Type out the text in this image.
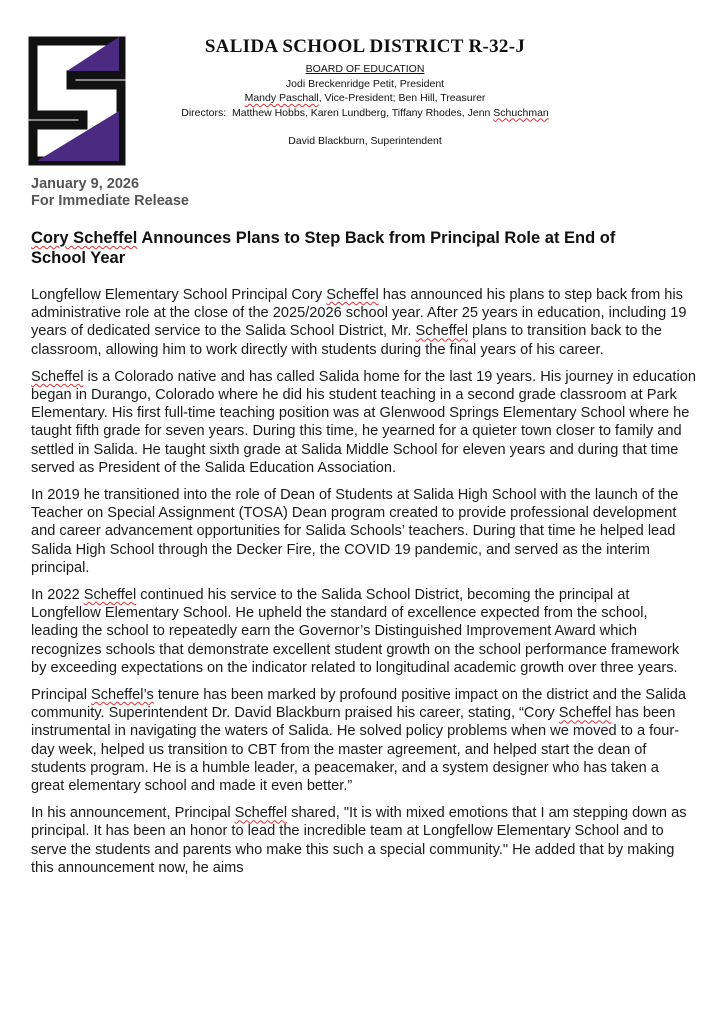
SALIDA SCHOOL DISTRICT R-32-J
BOARD OF EDUCATION
Jodi Breckenridge Petit, President
Mandy Paschall, Vice-President; Ben Hill, Treasurer
Directors:  Matthew Hobbs, Karen Lundberg, Tiffany Rhodes, Jenn Schuchman
David Blackburn, Superintendent
January 9, 2026
For Immediate Release
Cory Scheffel Announces Plans to Step Back from Principal Role at End of School Year

Longfellow Elementary School Principal Cory Scheffel has announced his plans to step back from his administrative role at the close of the 2025/2026 school year. After 25 years in education, including 19 years of dedicated service to the Salida School District, Mr. Scheffel plans to transition back to the classroom, allowing him to work directly with students during the final years of his career.

Scheffel is a Colorado native and has called Salida home for the last 19 years. His journey in education began in Durango, Colorado where he did his student teaching in a second grade classroom at Park Elementary. His first full-time teaching position was at Glenwood Springs Elementary School where he taught fifth grade for seven years. During this time, he yearned for a quieter town closer to family and settled in Salida. He taught sixth grade at Salida Middle School for eleven years and during that time served as President of the Salida Education Association.

In 2019 he transitioned into the role of Dean of Students at Salida High School with the launch of the Teacher on Special Assignment (TOSA) Dean program created to provide professional development and career advancement opportunities for Salida Schools’ teachers. During that time he helped lead Salida High School through the Decker Fire, the COVID 19 pandemic, and served as the interim principal.

In 2022 Scheffel continued his service to the Salida School District, becoming the principal at Longfellow Elementary School. He upheld the standard of excellence expected from the school, leading the school to repeatedly earn the Governor’s Distinguished Improvement Award which recognizes schools that demonstrate excellent student growth on the school performance framework by exceeding expectations on the indicator related to longitudinal academic growth over three years.

Principal Scheffel’s tenure has been marked by profound positive impact on the district and the Salida community. Superintendent Dr. David Blackburn praised his career, stating, “Cory Scheffel has been instrumental in navigating the waters of Salida. He solved policy problems when we moved to a four-day week, helped us transition to CBT from the master agreement, and helped start the dean of students program. He is a humble leader, a peacemaker, and a system designer who has taken a great elementary school and made it even better.”

In his announcement, Principal Scheffel shared, "It is with mixed emotions that I am stepping down as principal. It has been an honor to lead the incredible team at Longfellow Elementary School and to serve the students and parents who make this such a special community." He added that by making this announcement now, he aims
